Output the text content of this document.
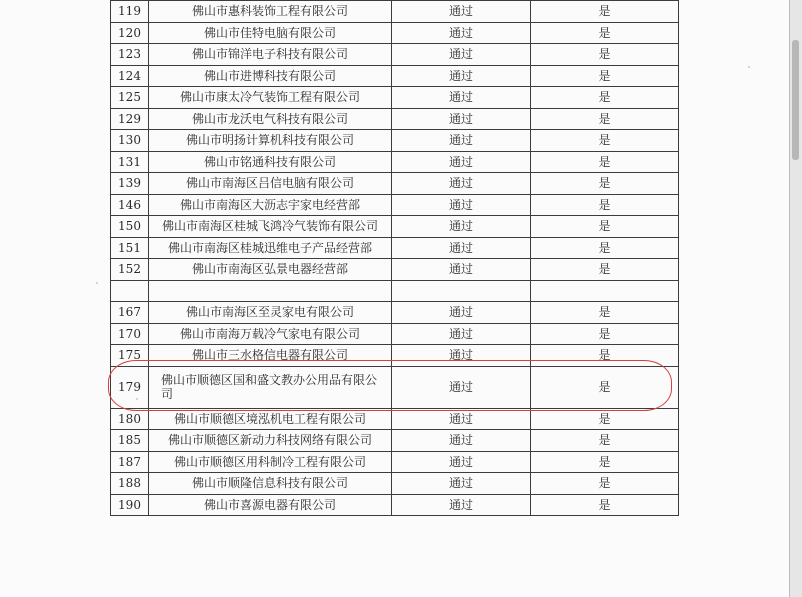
119	佛山市惠科装饰工程有限公司	通过	是
120	佛山市佳特电脑有限公司	通过	是
123	佛山市锦洋电子科技有限公司	通过	是
124	佛山市进博科技有限公司	通过	是
125	佛山市康太冷气装饰工程有限公司	通过	是
129	佛山市龙沃电气科技有限公司	通过	是
130	佛山市明扬计算机科技有限公司	通过	是
131	佛山市铭通科技有限公司	通过	是
139	佛山市南海区吕信电脑有限公司	通过	是
146	佛山市南海区大沥志宇家电经营部	通过	是
150	佛山市南海区桂城飞鸿冷气装饰有限公司	通过	是
151	佛山市南海区桂城迅维电子产品经营部	通过	是
152	佛山市南海区弘景电器经营部	通过	是

167	佛山市南海区至灵家电有限公司	通过	是
170	佛山市南海万载冷气家电有限公司	通过	是
175	佛山市三水格信电器有限公司	通过	是
179	佛山市顺德区国和盛文教办公用品有限公司	通过	是
180	佛山市顺德区境泓机电工程有限公司	通过	是
185	佛山市顺德区新动力科技网络有限公司	通过	是
187	佛山市顺德区用科制冷工程有限公司	通过	是
188	佛山市顺隆信息科技有限公司	通过	是
190	佛山市喜源电器有限公司	通过	是
